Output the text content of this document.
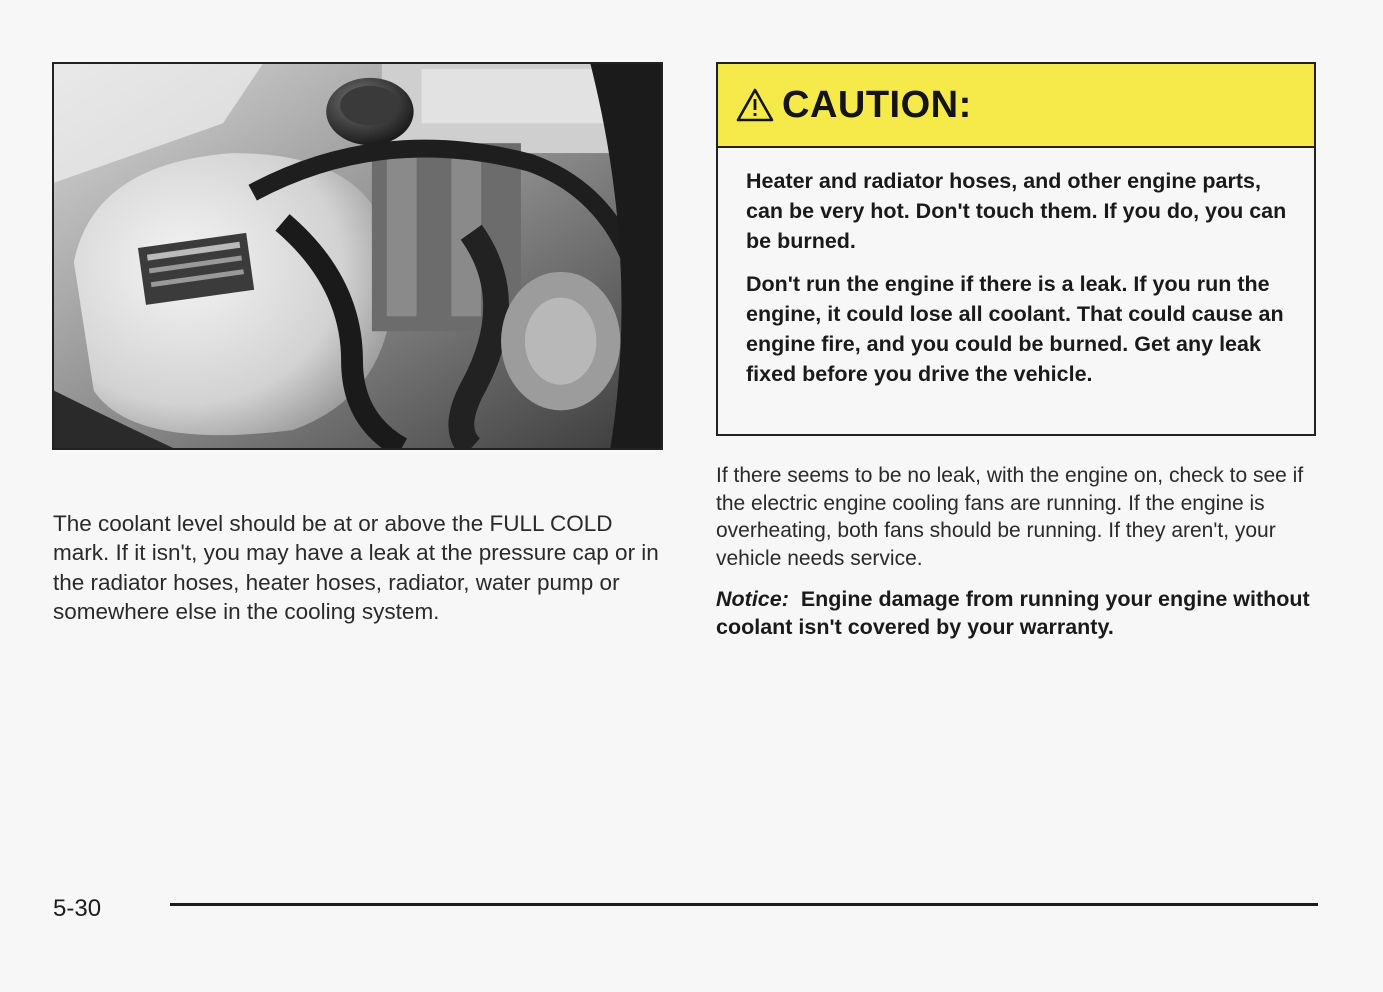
The coolant level should be at or above the FULL COLD mark. If it isn't, you may have a leak at the pressure cap or in the radiator hoses, heater hoses, radiator, water pump or somewhere else in the cooling system.

CAUTION:

Heater and radiator hoses, and other engine parts, can be very hot. Don't touch them. If you do, you can be burned.

Don't run the engine if there is a leak. If you run the engine, it could lose all coolant. That could cause an engine fire, and you could be burned. Get any leak fixed before you drive the vehicle.

If there seems to be no leak, with the engine on, check to see if the electric engine cooling fans are running. If the engine is overheating, both fans should be running. If they aren't, your vehicle needs service.

Notice: Engine damage from running your engine without coolant isn't covered by your warranty.

5-30
